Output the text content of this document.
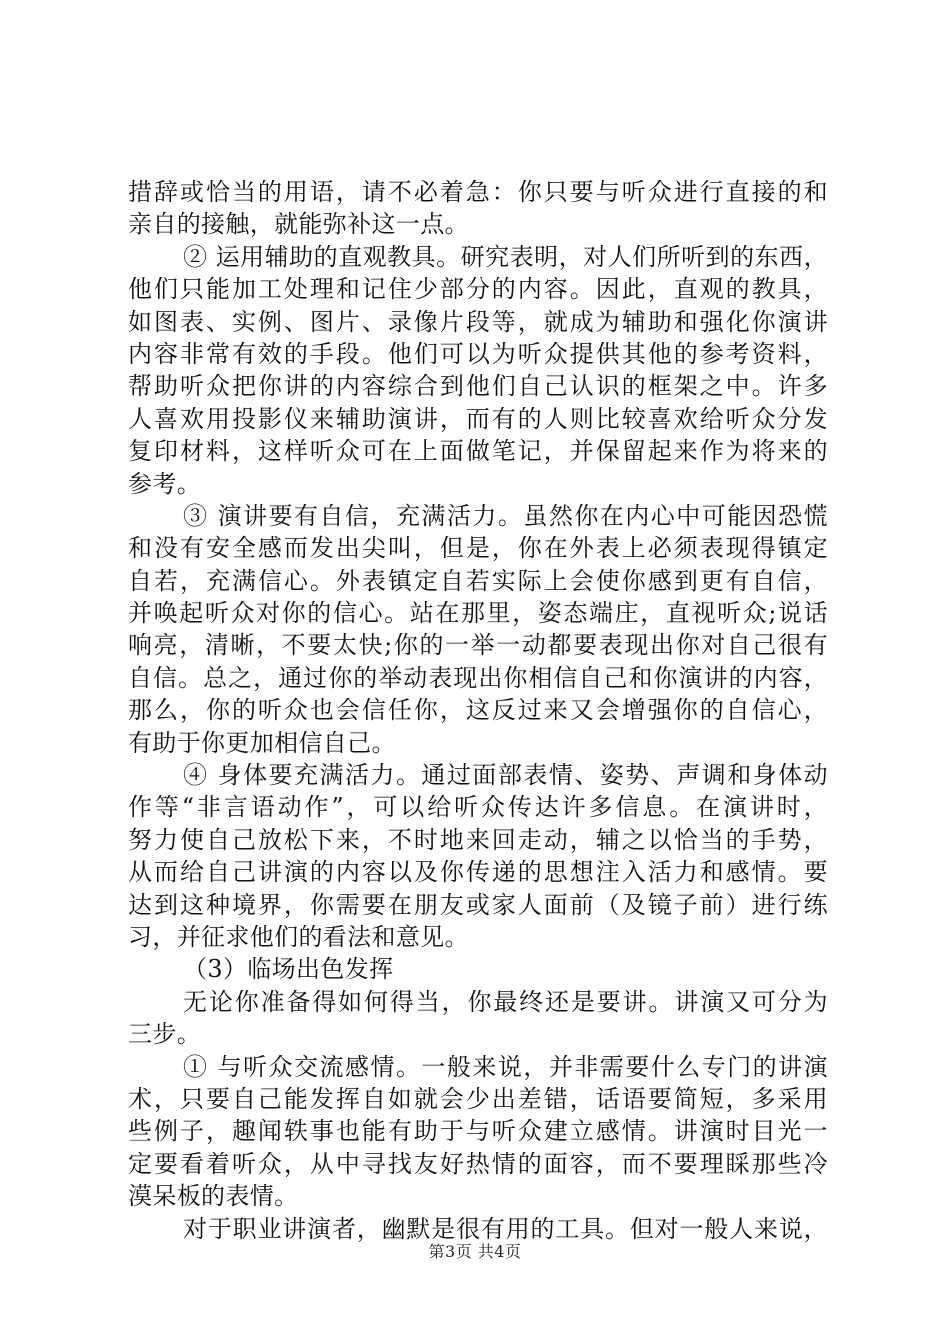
措辞或恰当的用语，请不必着急：你只要与听众进行直接的和
亲自的接触，就能弥补这一点。
② 运用辅助的直观教具。研究表明，对人们所听到的东西，
他们只能加工处理和记住少部分的内容。因此，直观的教具，
如图表、实例、图片、录像片段等，就成为辅助和强化你演讲
内容非常有效的手段。他们可以为听众提供其他的参考资料，
帮助听众把你讲的内容综合到他们自己认识的框架之中。许多
人喜欢用投影仪来辅助演讲，而有的人则比较喜欢给听众分发
复印材料，这样听众可在上面做笔记，并保留起来作为将来的
参考。
③ 演讲要有自信，充满活力。虽然你在内心中可能因恐慌
和没有安全感而发出尖叫，但是，你在外表上必须表现得镇定
自若，充满信心。外表镇定自若实际上会使你感到更有自信，
并唤起听众对你的信心。站在那里，姿态端庄，直视听众;说话
响亮，清晰，不要太快;你的一举一动都要表现出你对自己很有
自信。总之，通过你的举动表现出你相信自己和你演讲的内容，
那么，你的听众也会信任你，这反过来又会增强你的自信心，
有助于你更加相信自己。
④ 身体要充满活力。通过面部表情、姿势、声调和身体动
作等“非言语动作”，可以给听众传达许多信息。在演讲时，
努力使自己放松下来，不时地来回走动，辅之以恰当的手势，
从而给自己讲演的内容以及你传递的思想注入活力和感情。要
达到这种境界，你需要在朋友或家人面前（及镜子前）进行练
习，并征求他们的看法和意见。
（3）临场出色发挥
无论你准备得如何得当，你最终还是要讲。讲演又可分为
三步。
① 与听众交流感情。一般来说，并非需要什么专门的讲演
术，只要自己能发挥自如就会少出差错，话语要简短，多采用
些例子，趣闻轶事也能有助于与听众建立感情。讲演时目光一
定要看着听众，从中寻找友好热情的面容，而不要理睬那些冷
漠呆板的表情。
对于职业讲演者，幽默是很有用的工具。但对一般人来说，
第3页 共4页
